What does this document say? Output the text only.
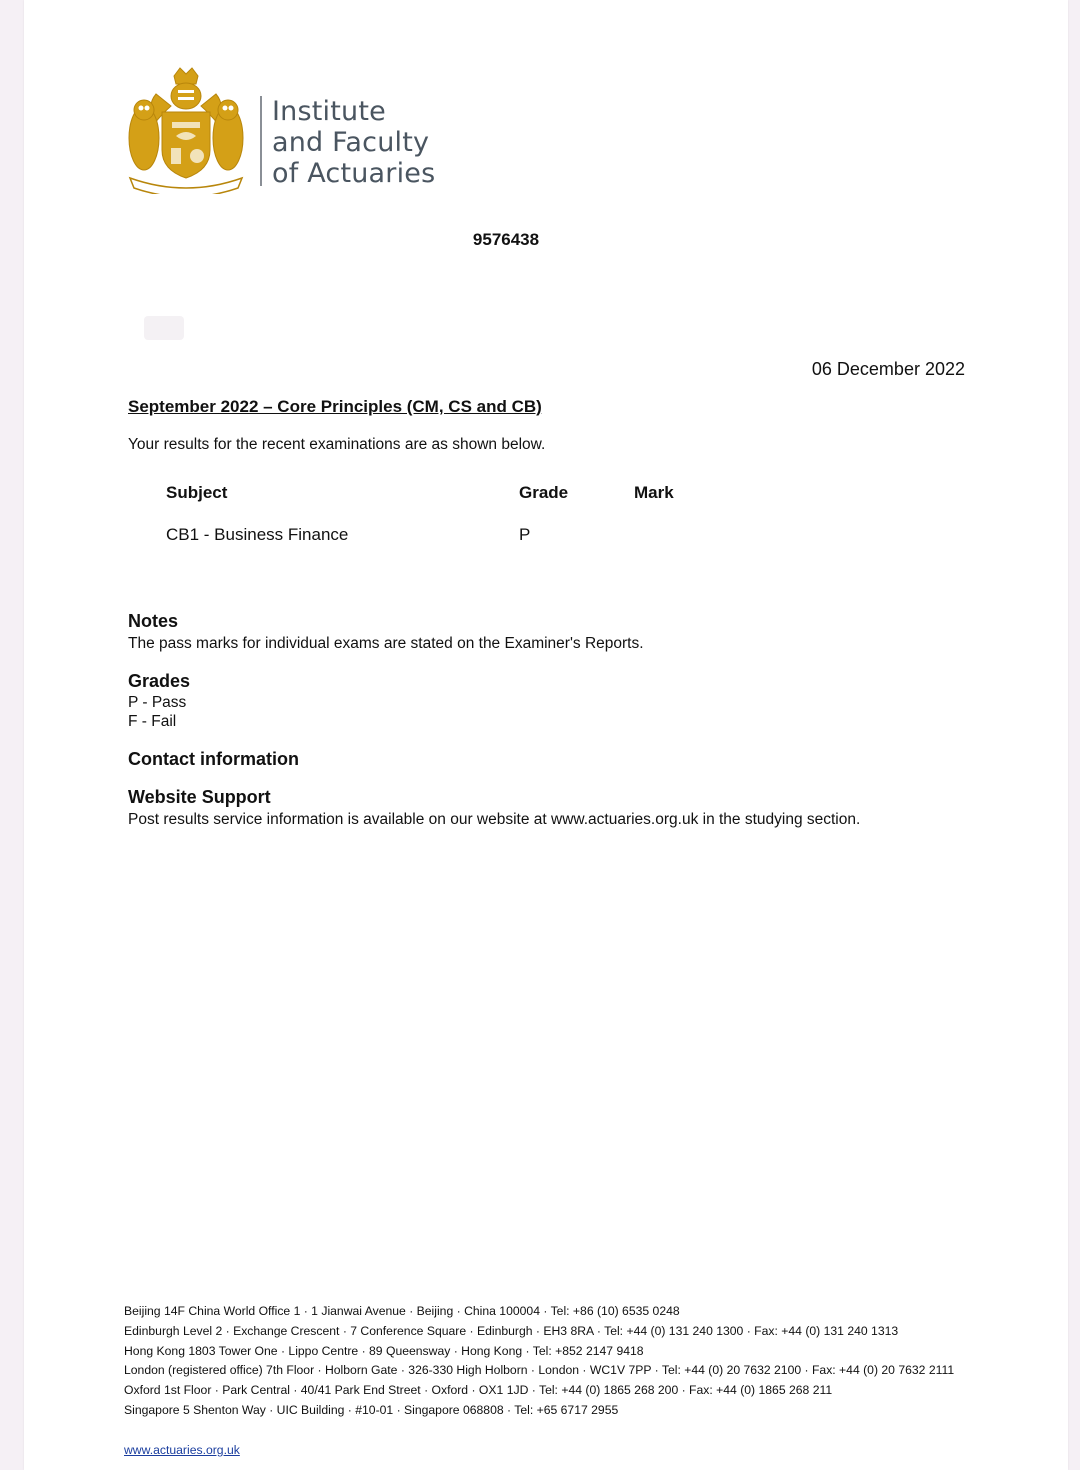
Institute
and Faculty
of Actuaries
9576438
06 December 2022
September 2022 – Core Principles (CM, CS and CB)
Your results for the recent examinations are as shown below.
Subject	Grade	Mark
CB1 - Business Finance	P
Notes
The pass marks for individual exams are stated on the Examiner's Reports.
Grades
P - Pass
F - Fail
Contact information
Website Support
Post results service information is available on our website at www.actuaries.org.uk in the studying section.
Beijing 14F China World Office 1 · 1 Jianwai Avenue · Beijing · China 100004 · Tel: +86 (10) 6535 0248
Edinburgh Level 2 · Exchange Crescent · 7 Conference Square · Edinburgh · EH3 8RA · Tel: +44 (0) 131 240 1300 · Fax: +44 (0) 131 240 1313
Hong Kong 1803 Tower One · Lippo Centre · 89 Queensway · Hong Kong · Tel: +852 2147 9418
London (registered office) 7th Floor · Holborn Gate · 326-330 High Holborn · London · WC1V 7PP · Tel: +44 (0) 20 7632 2100 · Fax: +44 (0) 20 7632 2111
Oxford 1st Floor · Park Central · 40/41 Park End Street · Oxford · OX1 1JD · Tel: +44 (0) 1865 268 200 · Fax: +44 (0) 1865 268 211
Singapore 5 Shenton Way · UIC Building · #10-01 · Singapore 068808 · Tel: +65 6717 2955
www.actuaries.org.uk
